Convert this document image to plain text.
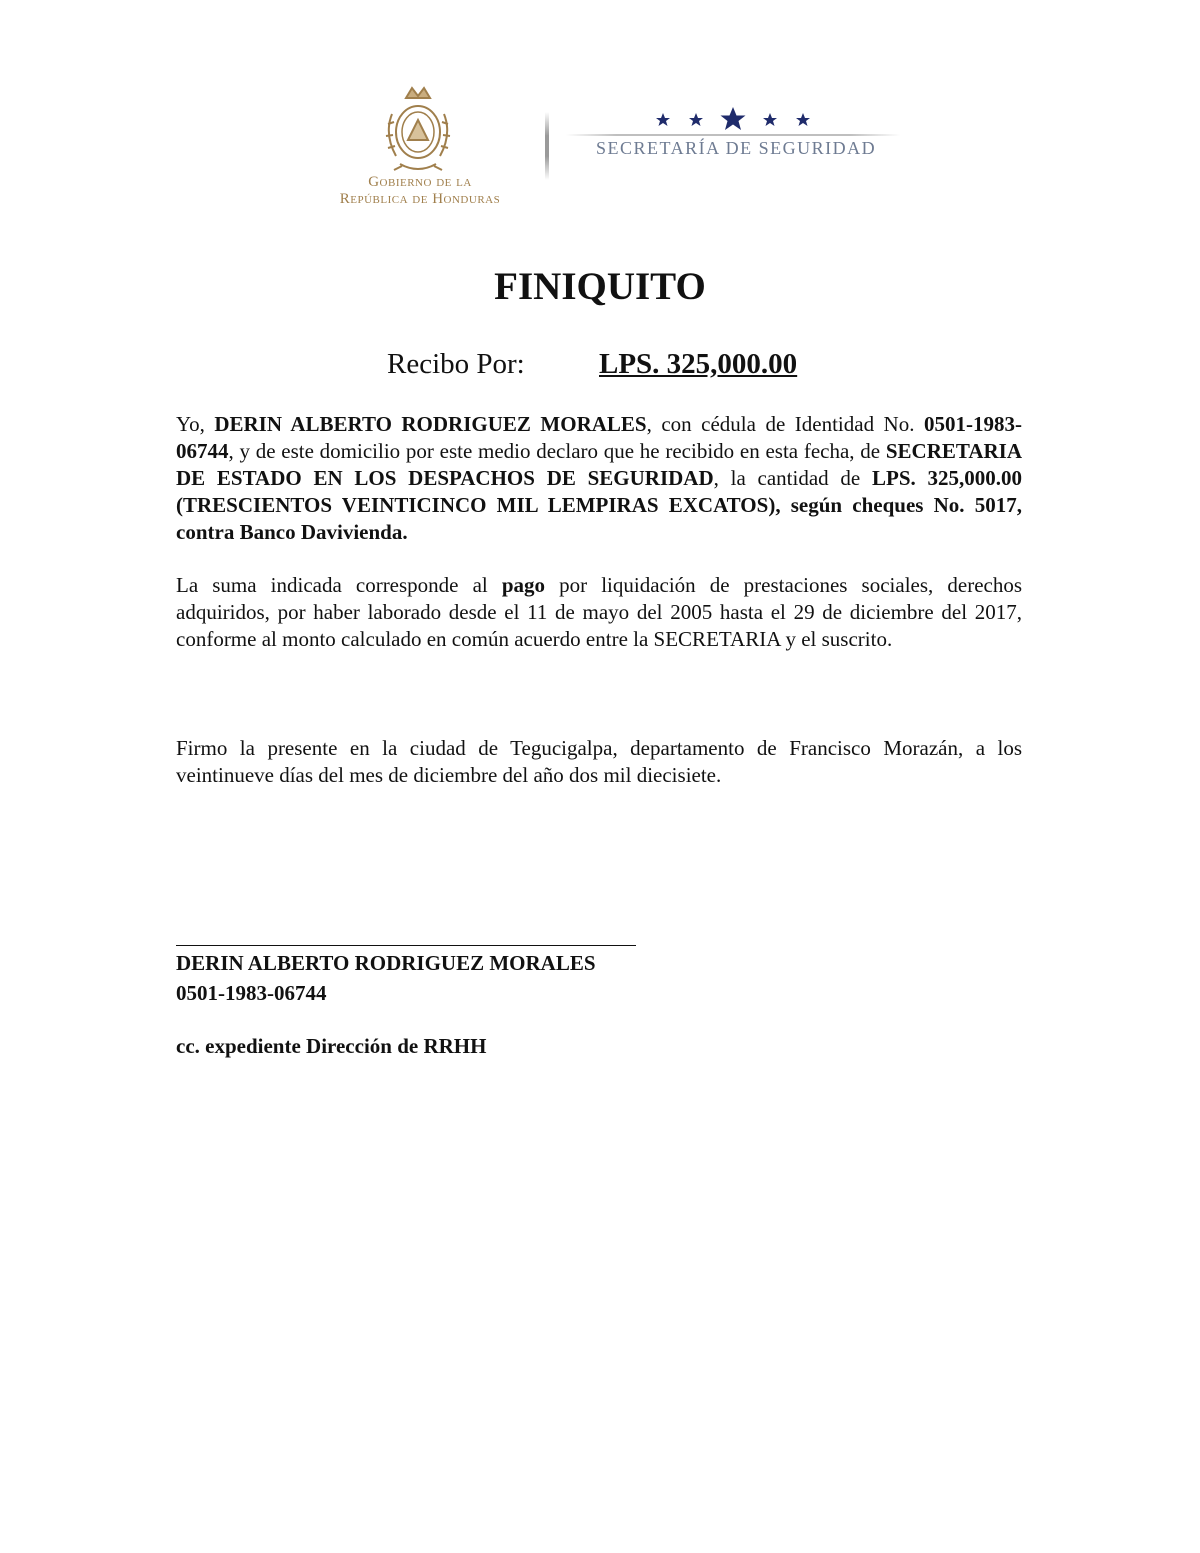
Gobierno de la
República de Honduras
SECRETARÍA DE SEGURIDAD
FINIQUITO
Recibo Por:	LPS. 325,000.00
Yo, DERIN ALBERTO RODRIGUEZ MORALES, con cédula de Identidad No. 0501-1983-06744, y de este domicilio por este medio declaro que he recibido en esta fecha, de SECRETARIA DE ESTADO EN LOS DESPACHOS DE SEGURIDAD, la cantidad de LPS. 325,000.00 (TRESCIENTOS VEINTICINCO MIL LEMPIRAS EXCATOS), según cheques No. 5017, contra Banco Davivienda.
La suma indicada corresponde al pago por liquidación de prestaciones sociales, derechos adquiridos, por haber laborado desde el 11 de mayo del 2005 hasta el 29 de diciembre del 2017, conforme al monto calculado en común acuerdo entre la SECRETARIA y el suscrito.
Firmo la presente en la ciudad de Tegucigalpa, departamento de Francisco Morazán, a los veintinueve días del mes de diciembre del año dos mil diecisiete.
DERIN ALBERTO RODRIGUEZ MORALES
0501-1983-06744
cc. expediente Dirección de RRHH
